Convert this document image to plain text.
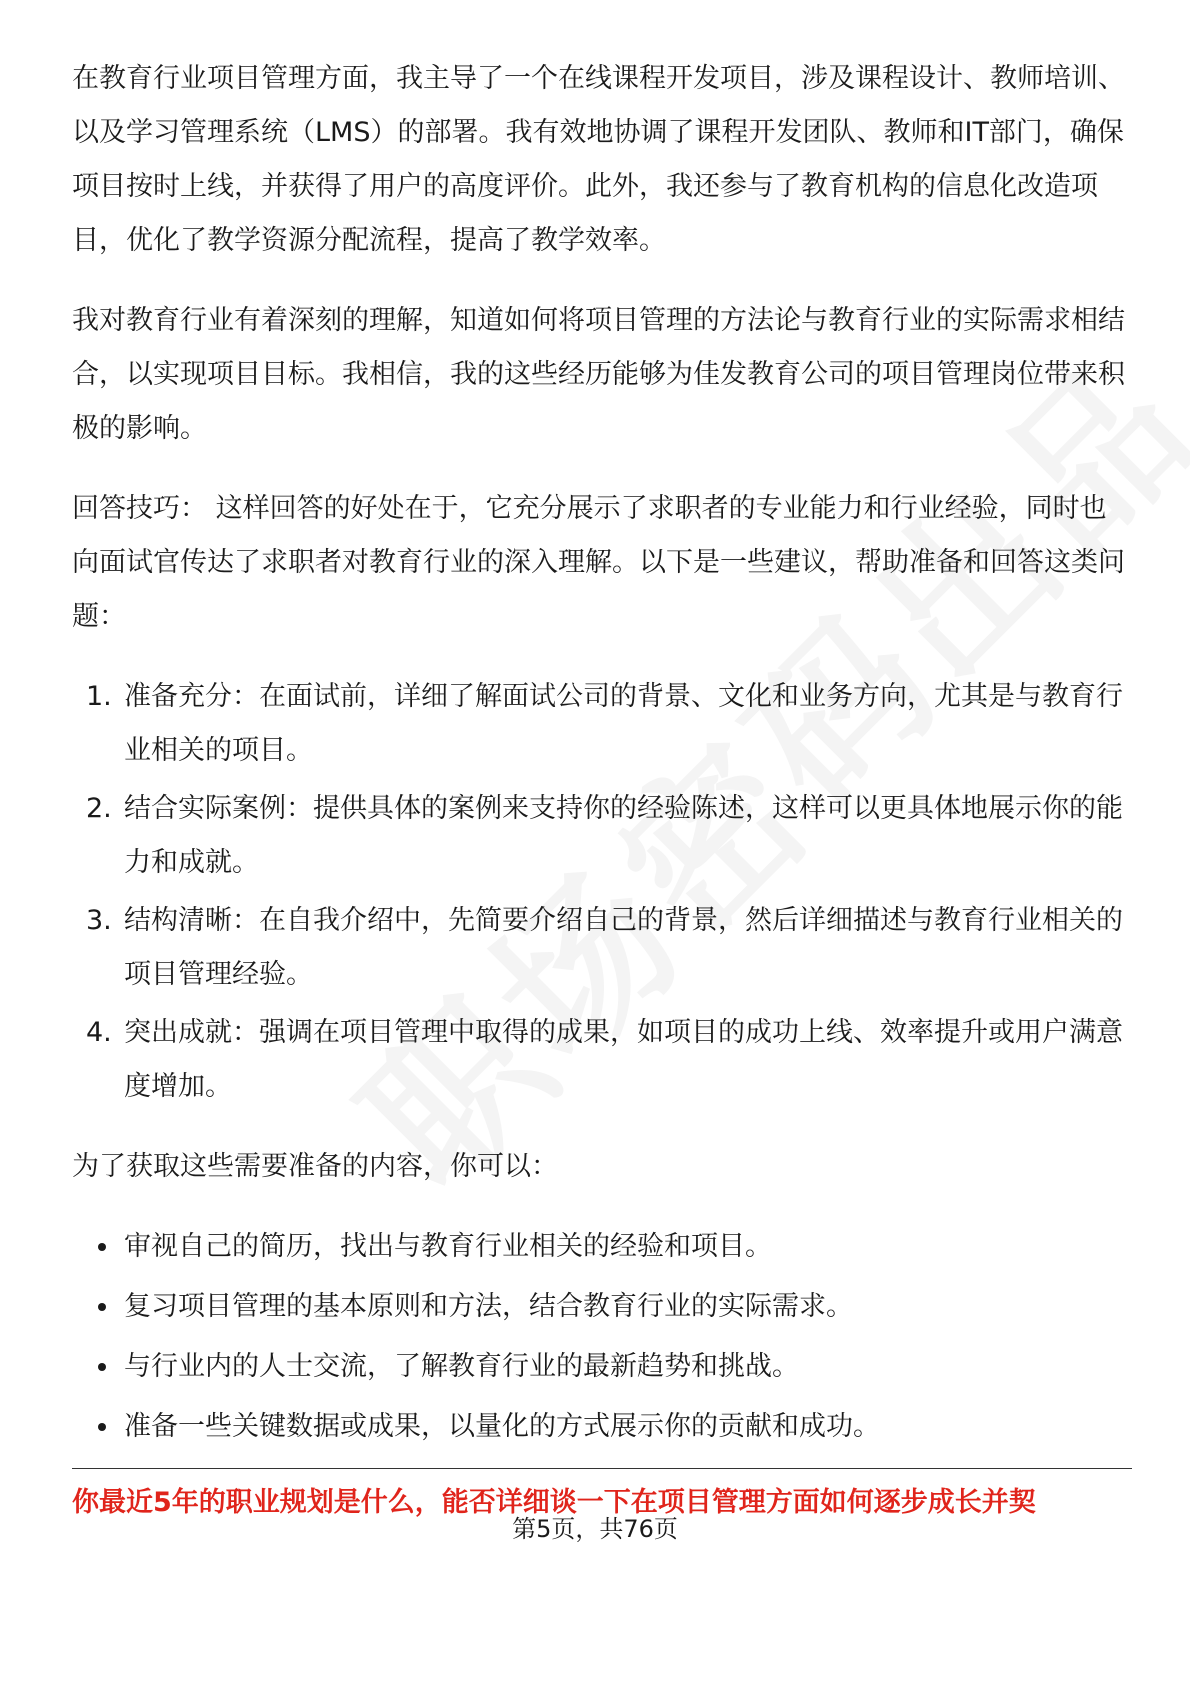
在教育行业项目管理方面，我主导了一个在线课程开发项目，涉及课程设计、教师培训、以及学习管理系统（LMS）的部署。我有效地协调了课程开发团队、教师和IT部门，确保项目按时上线，并获得了用户的高度评价。此外，我还参与了教育机构的信息化改造项目，优化了教学资源分配流程，提高了教学效率。

我对教育行业有着深刻的理解，知道如何将项目管理的方法论与教育行业的实际需求相结合，以实现项目目标。我相信，我的这些经历能够为佳发教育公司的项目管理岗位带来积极的影响。

回答技巧： 这样回答的好处在于，它充分展示了求职者的专业能力和行业经验，同时也向面试官传达了求职者对教育行业的深入理解。以下是一些建议，帮助准备和回答这类问题：

1. 准备充分：在面试前，详细了解面试公司的背景、文化和业务方向，尤其是与教育行业相关的项目。
2. 结合实际案例：提供具体的案例来支持你的经验陈述，这样可以更具体地展示你的能力和成就。
3. 结构清晰：在自我介绍中，先简要介绍自己的背景，然后详细描述与教育行业相关的项目管理经验。
4. 突出成就：强调在项目管理中取得的成果，如项目的成功上线、效率提升或用户满意度增加。

为了获取这些需要准备的内容，你可以：

审视自己的简历，找出与教育行业相关的经验和项目。
复习项目管理的基本原则和方法，结合教育行业的实际需求。
与行业内的人士交流，了解教育行业的最新趋势和挑战。
准备一些关键数据或成果，以量化的方式展示你的贡献和成功。
你最近5年的职业规划是什么，能否详细谈一下在项目管理方面如何逐步成长并契
第5页，共76页
